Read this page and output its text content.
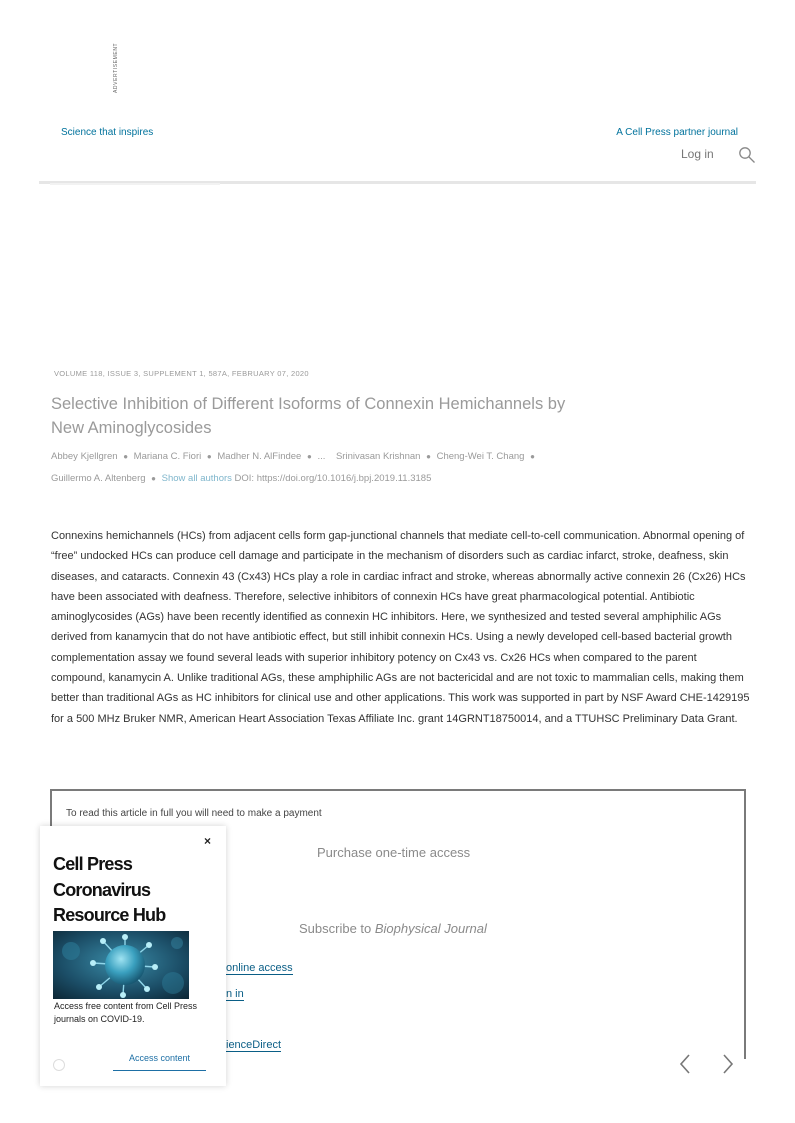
ADVERTISEMENT
Science that inspires	A Cell Press partner journal
Log in
VOLUME 118, ISSUE 3, SUPPLEMENT 1, 587A, FEBRUARY 07, 2020
Selective Inhibition of Different Isoforms of Connexin Hemichannels by
New Aminoglycosides
Abbey Kjellgren ● Mariana C. Fiori ● Madher N. AlFindee ● ... Srinivasan Krishnan ● Cheng-Wei T. Chang ●
Guillermo A. Altenberg ● Show all authors DOI: https://doi.org/10.1016/j.bpj.2019.11.3185
Connexins hemichannels (HCs) from adjacent cells form gap-junctional channels that mediate cell-to-cell communication. Abnormal opening of “free” undocked HCs can produce cell damage and participate in the mechanism of disorders such as cardiac infarct, stroke, deafness, skin diseases, and cataracts. Connexin 43 (Cx43) HCs play a role in cardiac infract and stroke, whereas abnormally active connexin 26 (Cx26) HCs have been associated with deafness. Therefore, selective inhibitors of connexin HCs have great pharmacological potential. Antibiotic aminoglycosides (AGs) have been recently identified as connexin HC inhibitors. Here, we synthesized and tested several amphiphilic AGs derived from kanamycin that do not have antibiotic effect, but still inhibit connexin HCs. Using a newly developed cell-based bacterial growth complementation assay we found several leads with superior inhibitory potency on Cx43 vs. Cx26 HCs when compared to the parent compound, kanamycin A. Unlike traditional AGs, these amphiphilic AGs are not bactericidal and are not toxic to mammalian cells, making them better than traditional AGs as HC inhibitors for clinical use and other applications. This work was supported in part by NSF Award CHE-1429195 for a 500 MHz Bruker NMR, American Heart Association Texas Affiliate Inc. grant 14GRNT18750014, and a TTUHSC Preliminary Data Grant.
To read this article in full you will need to make a payment
Purchase one-time access
Subscribe to Biophysical Journal
online access
n in
ienceDirect
×
Cell Press
Coronavirus
Resource Hub
Access free content from Cell Press journals on COVID-19.
Access content
